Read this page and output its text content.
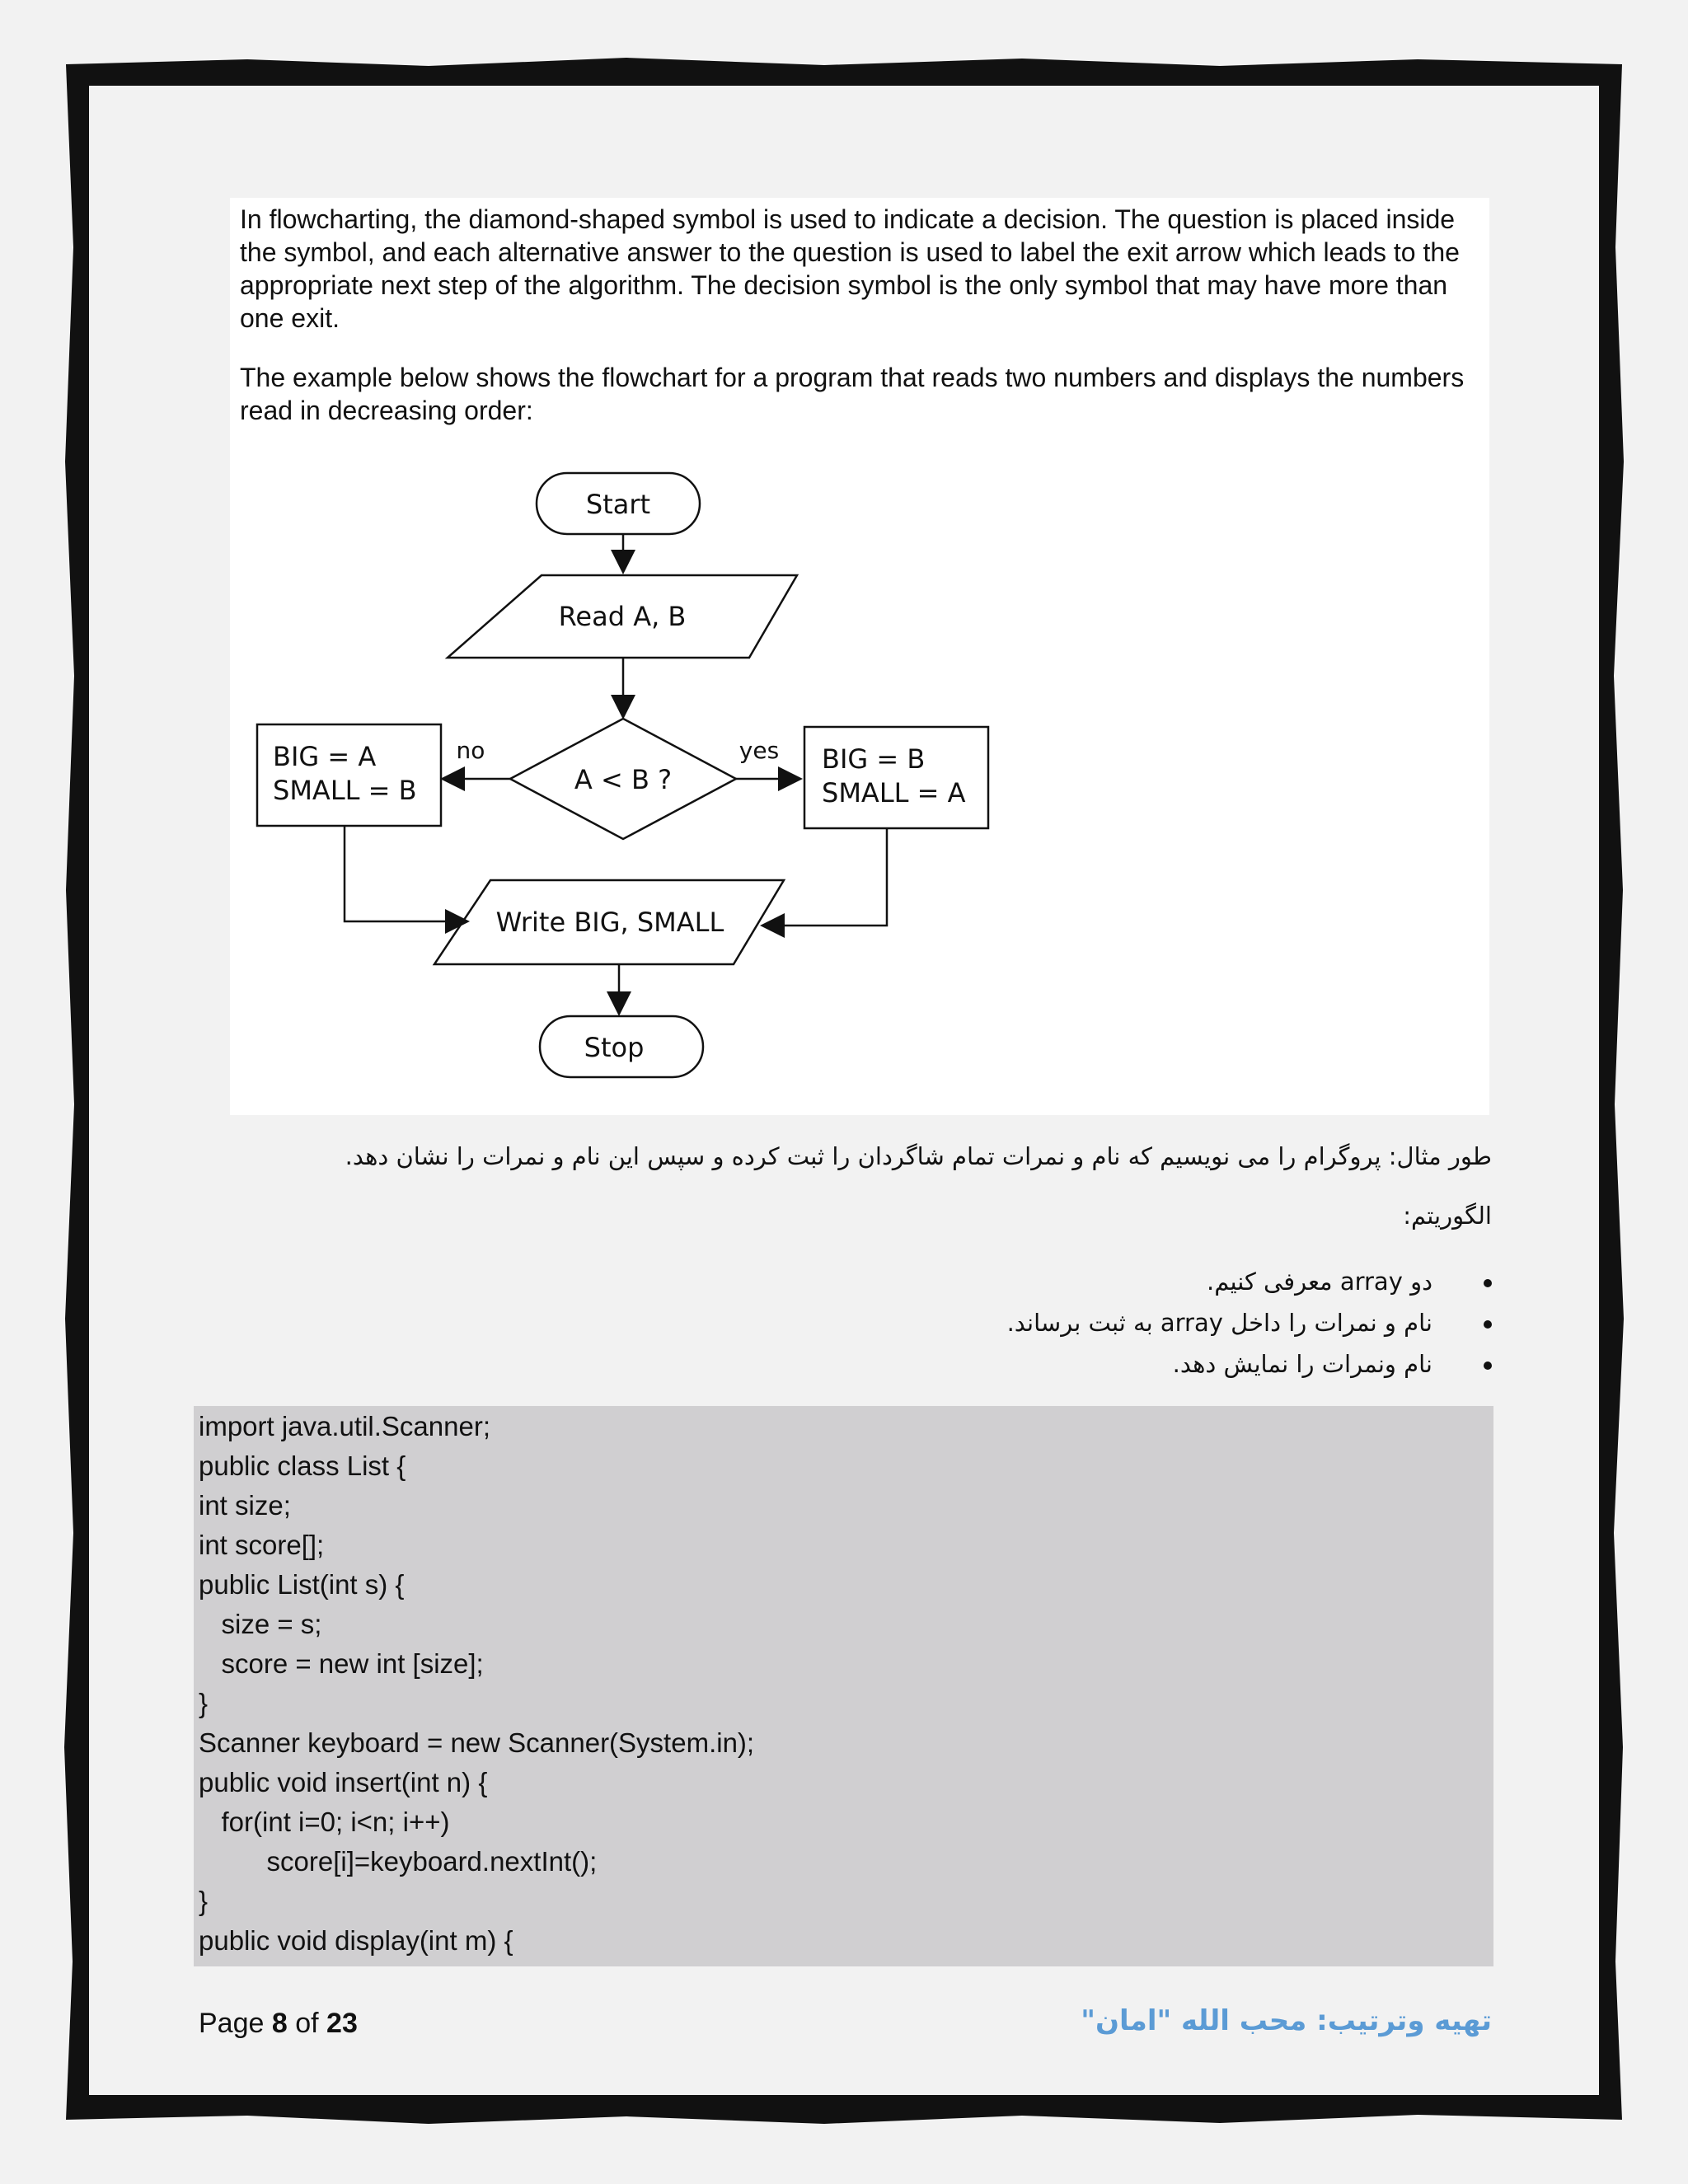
In flowcharting, the diamond-shaped symbol is used to indicate a decision. The question is placed inside the symbol, and each alternative answer to the question is used to label the exit arrow which leads to the appropriate next step of the algorithm. The decision symbol is the only symbol that may have more than one exit.
The example below shows the flowchart for a program that reads two numbers and displays the numbers read in decreasing order:
Start
Read A, B
A < B ?
no	yes
BIG = A
SMALL = B
BIG = B
SMALL = A
Write BIG, SMALL
Stop
طور مثال: پروگرام را می نویسیم که نام و نمرات تمام شاگردان را ثبت کرده و سپس این نام و نمرات را نشان دهد.
الگوریتم:
دو array معرفی کنیم.
نام و نمرات را داخل array به ثبت برساند.
نام ونمرات را نمایش دهد.
import java.util.Scanner;
public class List {
int size;
int score[];
public List(int s) {
size = s;
score = new int [size];
}
Scanner keyboard = new Scanner(System.in);
public void insert(int n) {
for(int i=0; i<n; i++)
score[i]=keyboard.nextInt();
}
public void display(int m) {
Page 8 of 23	تهیه وترتیب: محب الله "امان"
